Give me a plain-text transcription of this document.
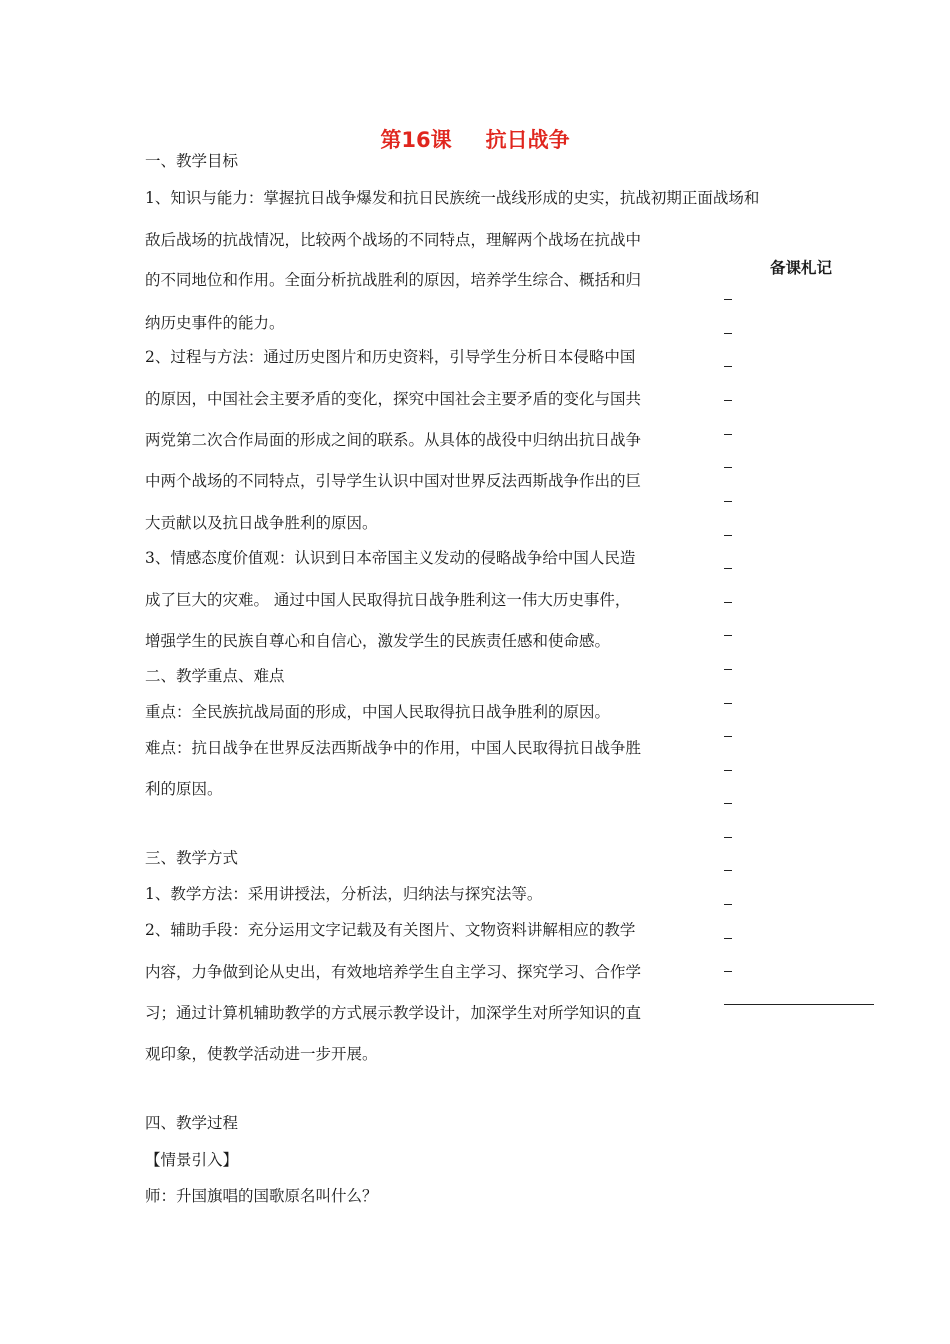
第16课 抗日战争
一、教学目标
1、知识与能力：掌握抗日战争爆发和抗日民族统一战线形成的史实，抗战初期正面战场和
敌后战场的抗战情况，比较两个战场的不同特点，理解两个战场在抗战中
的不同地位和作用。全面分析抗战胜利的原因，培养学生综合、概括和归
纳历史事件的能力。
2、过程与方法：通过历史图片和历史资料，引导学生分析日本侵略中国
的原因，中国社会主要矛盾的变化，探究中国社会主要矛盾的变化与国共
两党第二次合作局面的形成之间的联系。从具体的战役中归纳出抗日战争
中两个战场的不同特点，引导学生认识中国对世界反法西斯战争作出的巨
大贡献以及抗日战争胜利的原因。
3、情感态度价值观：认识到日本帝国主义发动的侵略战争给中国人民造
成了巨大的灾难。 通过中国人民取得抗日战争胜利这一伟大历史事件，
增强学生的民族自尊心和自信心，激发学生的民族责任感和使命感。
二、教学重点、难点
重点：全民族抗战局面的形成，中国人民取得抗日战争胜利的原因。
难点：抗日战争在世界反法西斯战争中的作用，中国人民取得抗日战争胜
利的原因。
三、教学方式
1、教学方法：采用讲授法，分析法，归纳法与探究法等。
2、辅助手段：充分运用文字记载及有关图片、文物资料讲解相应的教学
内容，力争做到论从史出，有效地培养学生自主学习、探究学习、合作学
习；通过计算机辅助教学的方式展示教学设计，加深学生对所学知识的直
观印象，使教学活动进一步开展。
四、教学过程
【情景引入】
师：升国旗唱的国歌原名叫什么？
备课札记
